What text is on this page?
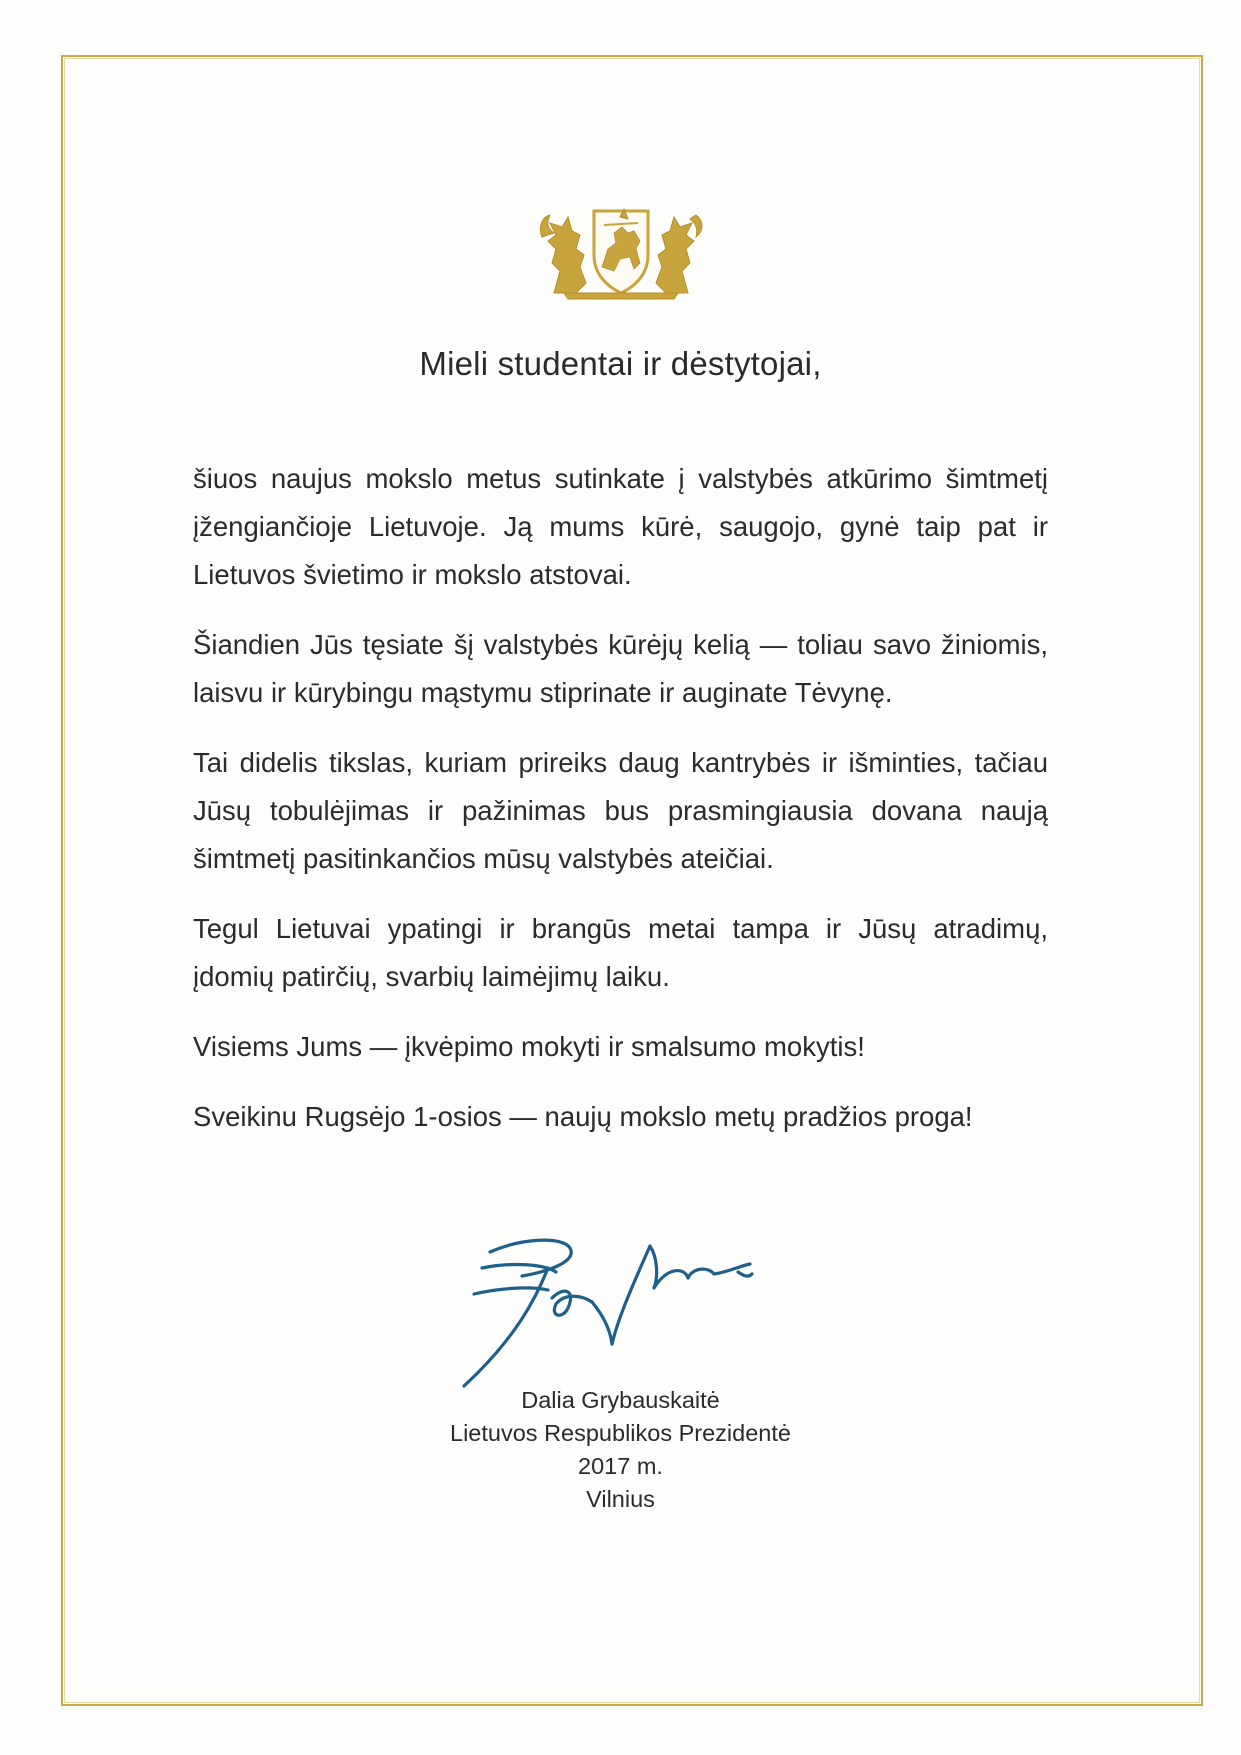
Mieli studentai ir dėstytojai,

šiuos naujus mokslo metus sutinkate į valstybės atkūrimo šimtmetį įžengiančioje Lietuvoje. Ją mums kūrė, saugojo, gynė taip pat ir Lietuvos švietimo ir mokslo atstovai.

Šiandien Jūs tęsiate šį valstybės kūrėjų kelią — toliau savo žiniomis, laisvu ir kūrybingu mąstymu stiprinate ir auginate Tėvynę.

Tai didelis tikslas, kuriam prireiks daug kantrybės ir išminties, tačiau Jūsų tobulėjimas ir pažinimas bus prasmingiausia dovana naują šimtmetį pasitinkančios mūsų valstybės ateičiai.

Tegul Lietuvai ypatingi ir brangūs metai tampa ir Jūsų atradimų, įdomių patirčių, svarbių laimėjimų laiku.

Visiems Jums — įkvėpimo mokyti ir smalsumo mokytis!

Sveikinu Rugsėjo 1-osios — naujų mokslo metų pradžios proga!

Dalia Grybauskaitė
Lietuvos Respublikos Prezidentė
2017 m.
Vilnius
